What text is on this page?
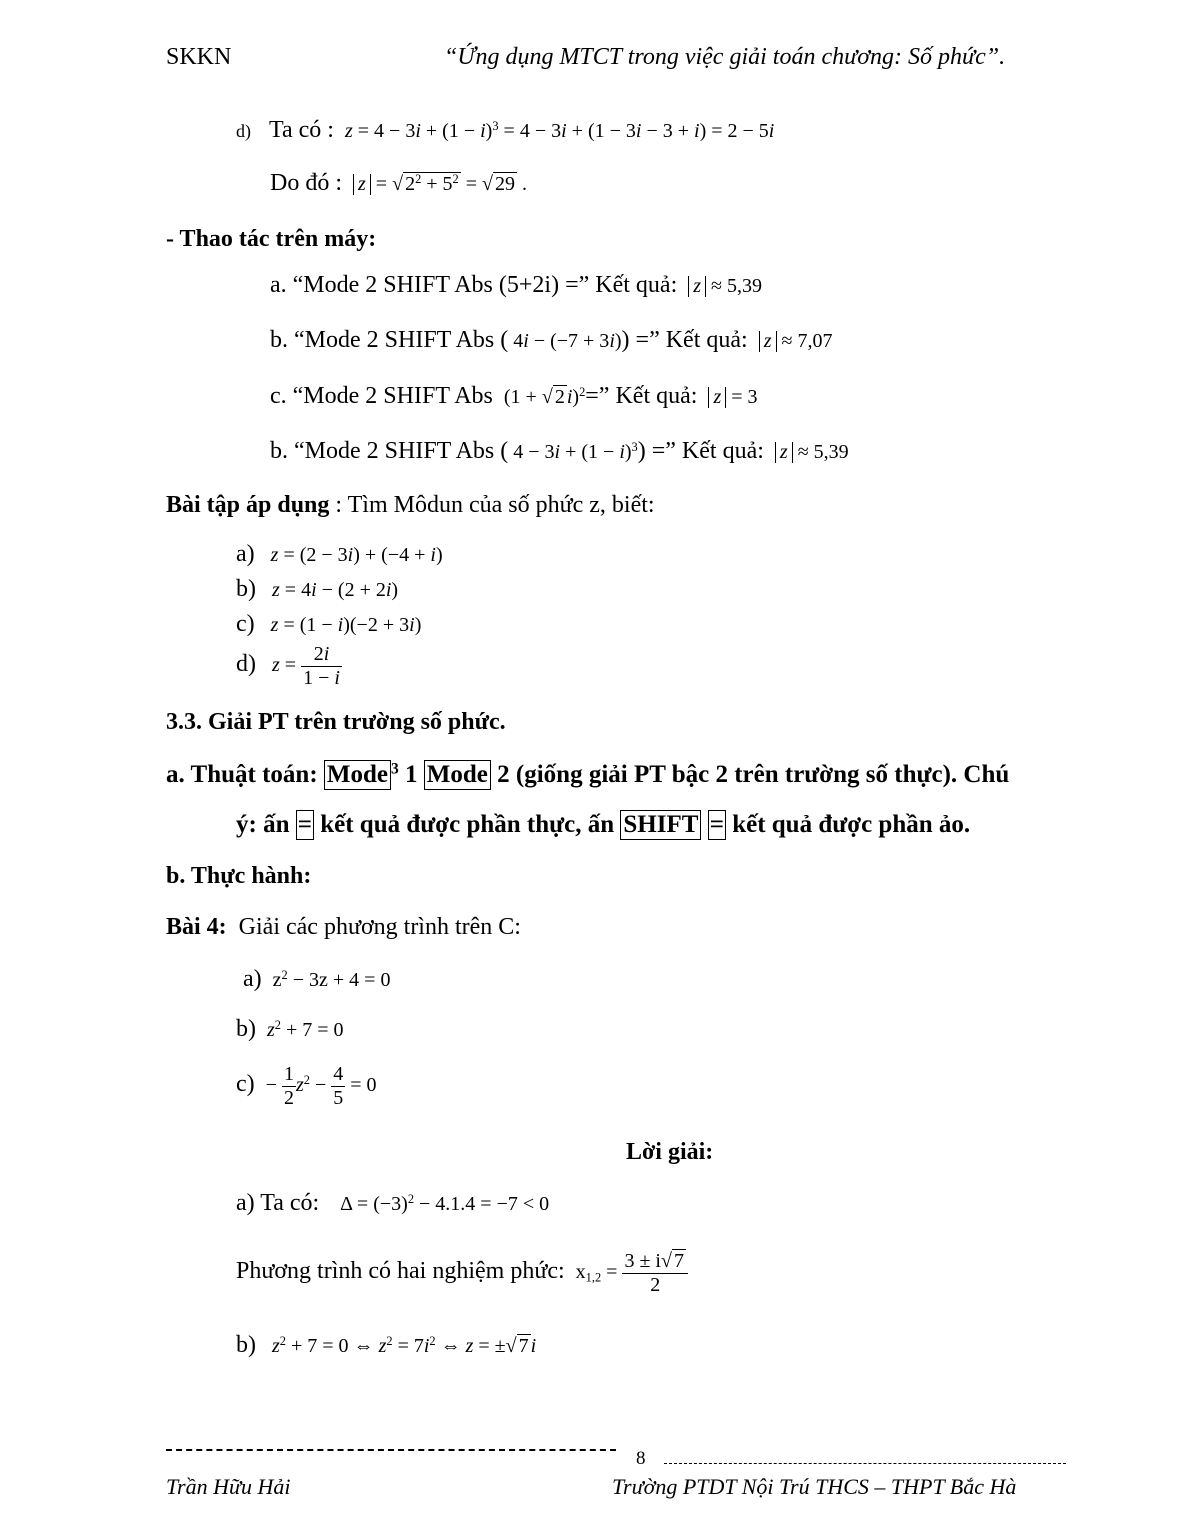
SKKN	“Ứng dụng MTCT trong việc giải toán chương: Số phức”.
d) Ta có : $z = 4 - 3i + (1 - i)^3 = 4 - 3i + (1 - 3i - 3 + i) = 2 - 5i$
Do đó : z = √ $2^2 + 5^2$ = √ 29 .
- Thao tác trên máy:
a. “Mode 2 SHIFT Abs (5+2i) =” Kết quả: z ≈ 5,39
b. “Mode 2 SHIFT Abs ( 4i − (−7 + 3i)) =” Kết quả: z ≈ 7,07
c. “Mode 2 SHIFT Abs  (1 + √ 2 i)$^2$=” Kết quả: z = 3
b. “Mode 2 SHIFT Abs ( $4 - 3i + (1 - i)^3$) =” Kết quả: z ≈ 5,39
Bài tập áp dụng : Tìm Môdun của số phức z, biết:
a) z = (2 − 3i) + (−4 + i)
b) z = 4i − (2 + 2i)
c) z = (1 − i)(−2 + 3i)
d) $z = \frac{2i}{1 - i}$
3.3. Giải PT trên trường số phức.
a. Thuật toán: Mode $^3$ 1 Mode 2 (giống giải PT bậc 2 trên trường số thực). Chú
ý: ấn = kết quả được phần thực, ấn SHIFT = kết quả được phần ảo.
b. Thực hành:
Bài 4: Giải các phương trình trên C:
a)  $z^2 - 3z + 4 = 0$
b) $z^2 + 7 = 0$
$c) - \frac{1}{2} z^2 - \frac{4}{5} = 0$
Lời giải:
a) Ta có:    $\Delta = (-3)^2 - 4.1.4 = -7 < 0$
Phương trình có hai nghiệm phức:  $x_{1,2} = \frac{3 \pm i√ 7}{2}$
b) $z^2 + 7 = 0$ ⇔ $z^2 = 7i^2$ ⇔ z = ±√ 7 i
8
Trần Hữu Hải	Trường PTDT Nội Trú THCS – THPT Bắc Hà
